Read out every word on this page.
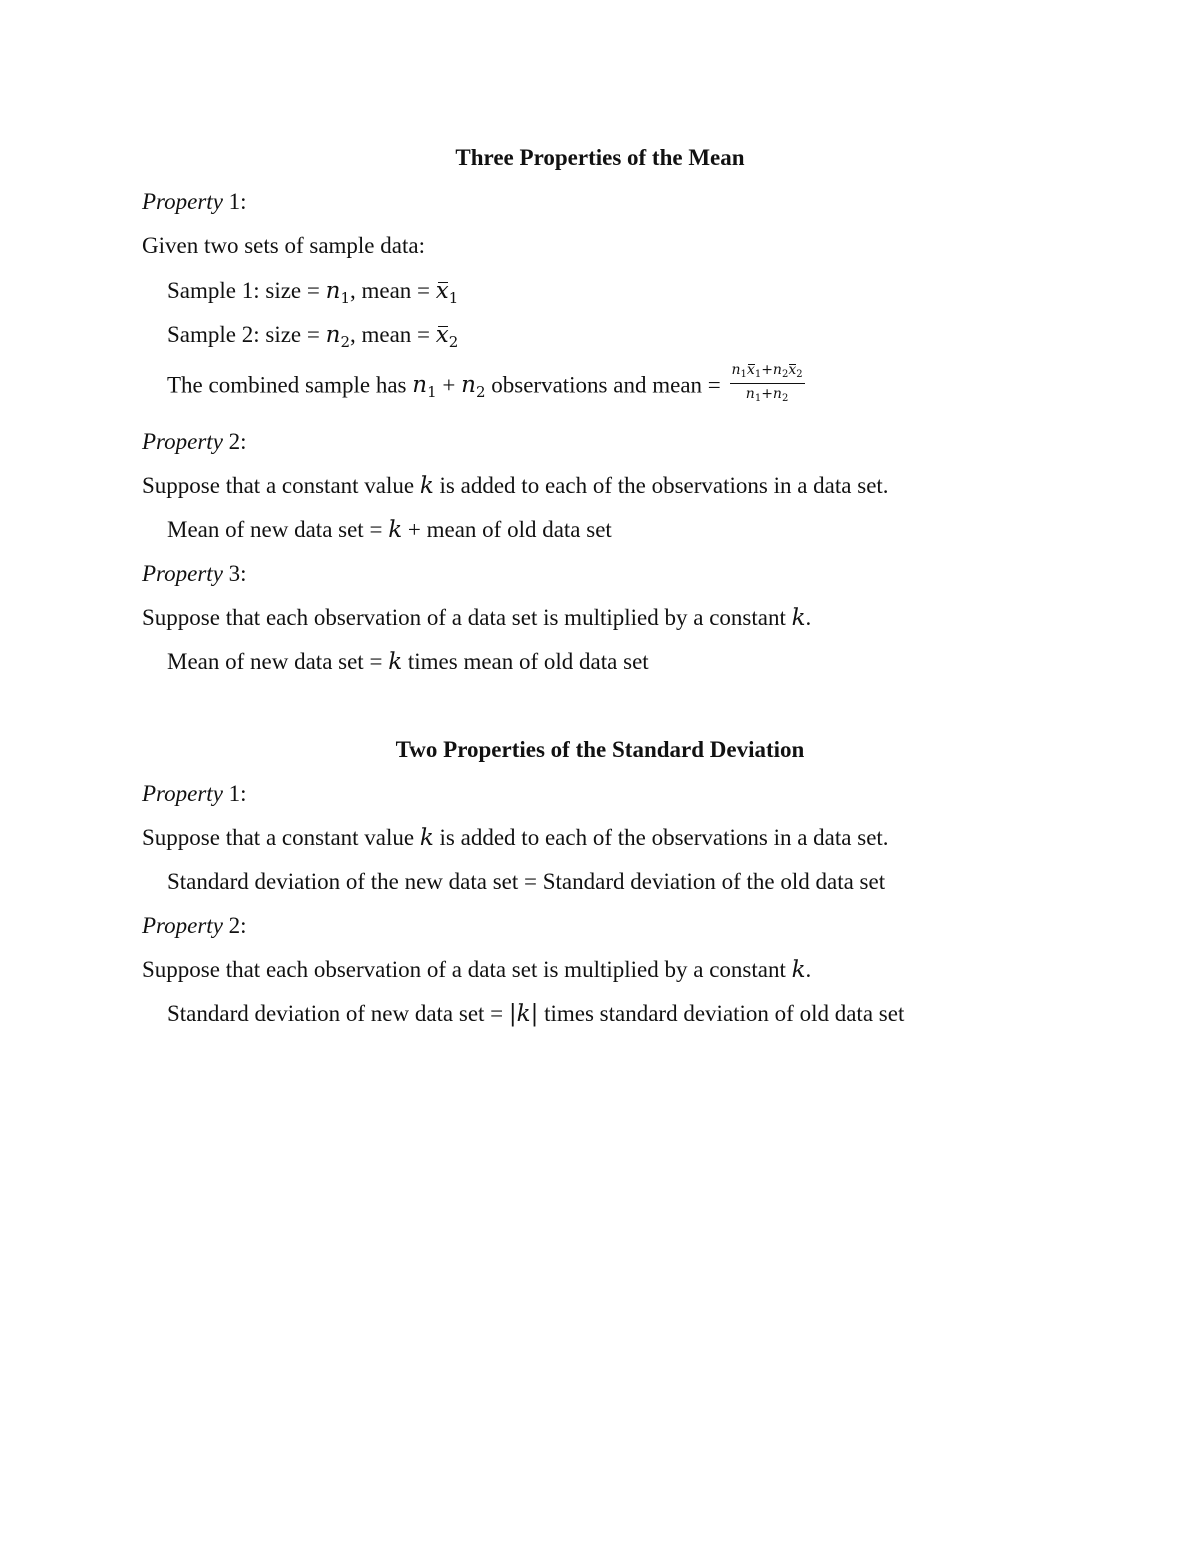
Three Properties of the Mean
Property 1:
Given two sets of sample data:
Sample 1: size = $n_1$, mean = $x_1$
Sample 2: size = $n_2$, mean = $x_2$
The combined sample has $n_1 + n_2$ observations and mean = $\frac{n_1x_1+n_2x_2}{n_1+n_2}$
Property 2:
Suppose that a constant value k is added to each of the observations in a data set.
Mean of new data set = k + mean of old data set
Property 3:
Suppose that each observation of a data set is multiplied by a constant k.
Mean of new data set = k times mean of old data set
Two Properties of the Standard Deviation
Property 1:
Suppose that a constant value k is added to each of the observations in a data set.
Standard deviation of the new data set = Standard deviation of the old data set
Property 2:
Suppose that each observation of a data set is multiplied by a constant k.
Standard deviation of new data set = |k| times standard deviation of old data set
